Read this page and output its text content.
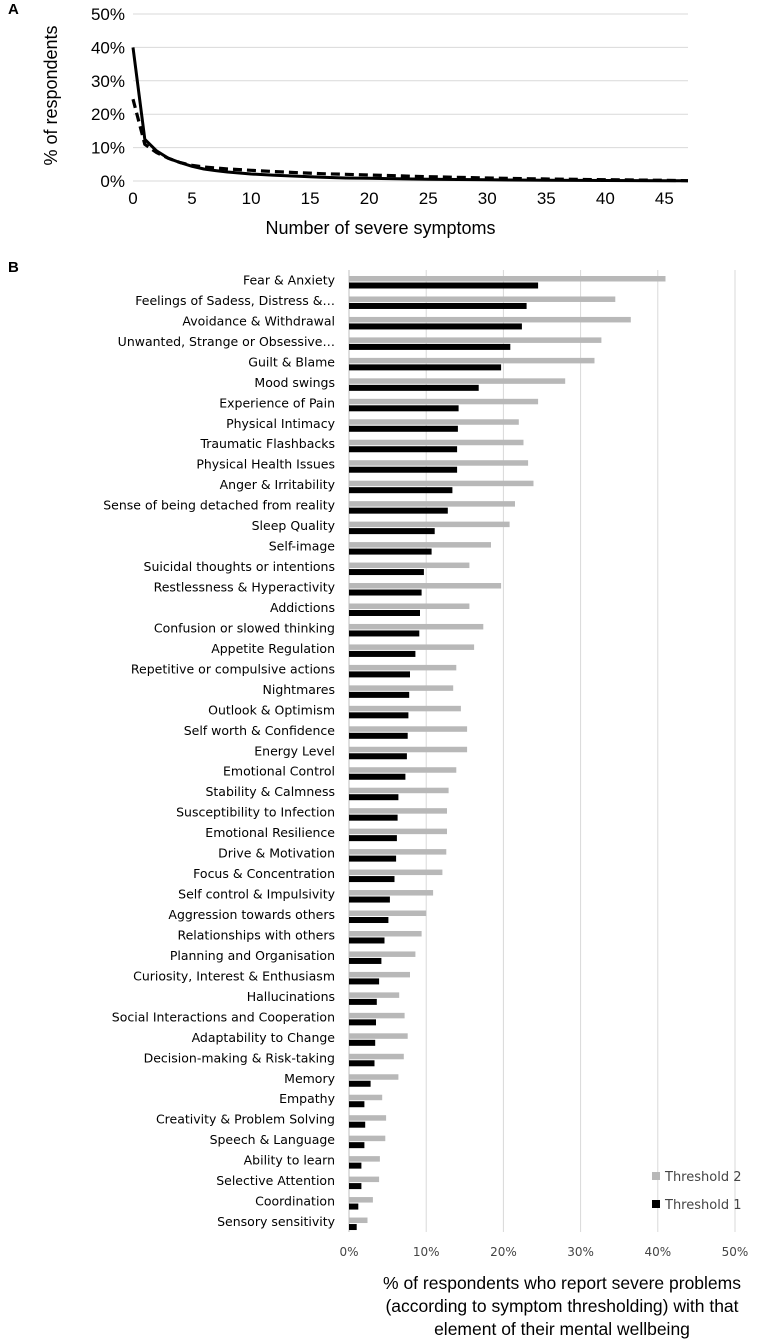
A
B
0%
10%
20%
30%
40%
50%
0	5	10 15 20 25 30 35 40 45
Number of severe symptoms
% of respondents
0%	10%	20%	30%	40%	50%
Fear & Anxiety
Feelings of Sadess, Distress &…
Avoidance & Withdrawal
Unwanted, Strange or Obsessive…
Guilt & Blame
Mood swings
Experience of Pain
Physical Intimacy
Traumatic Flashbacks
Physical Health Issues
Anger & Irritability
Sense of being detached from reality
Sleep Quality
Self-image
Suicidal thoughts or intentions
Restlessness & Hyperactivity
Addictions
Confusion or slowed thinking
Appetite Regulation
Repetitive or compulsive actions
Nightmares
Outlook & Optimism
Self worth & Confidence
Energy Level
Emotional Control
Stability & Calmness
Susceptibility to Infection
Emotional Resilience
Drive & Motivation
Focus & Concentration
Self control & Impulsivity
Aggression towards others
Relationships with others
Planning and Organisation
Curiosity, Interest & Enthusiasm
Hallucinations
Social Interactions and Cooperation
Adaptability to Change
Decision-making & Risk-taking
Memory
Empathy
Creativity & Problem Solving
Speech & Language
Ability to learn
Selective Attention
Coordination
Sensory sensitivity
Threshold 2
Threshold 1
% of respondents who report severe problems
(according to symptom thresholding) with that
element of their mental wellbeing
